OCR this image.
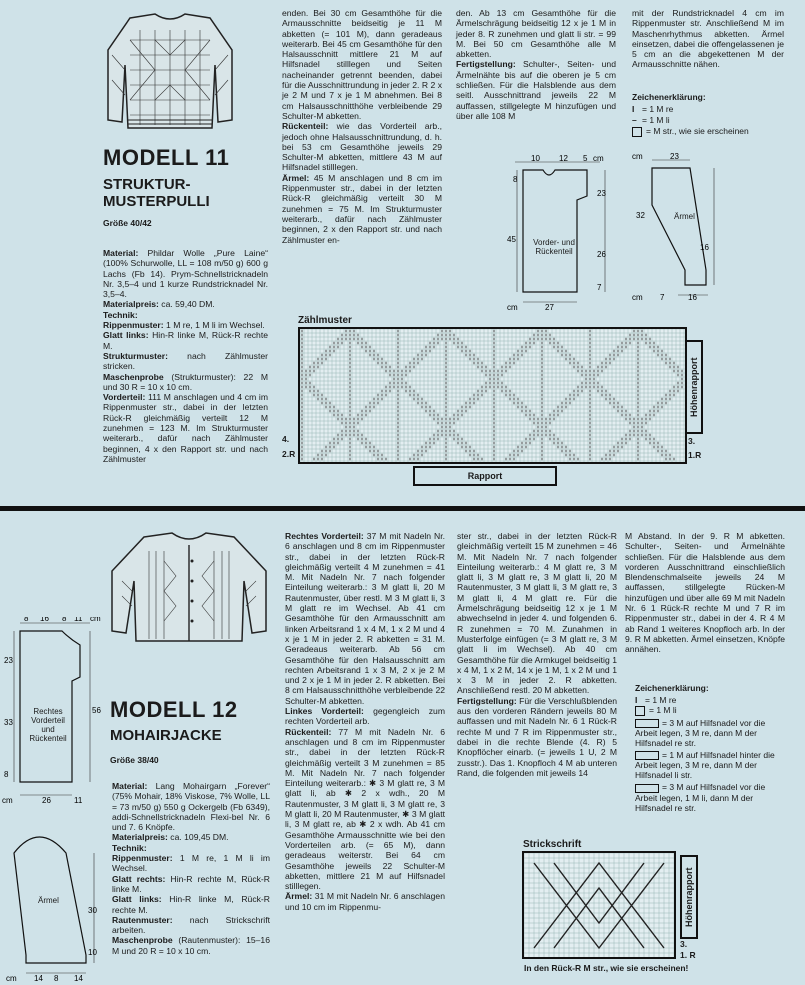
MODELL 11
STRUKTUR-
MUSTERPULLI
Größe 40/42

Material: Phildar Wolle „Pure Laine“ (100% Schurwolle, LL = 108 m/50 g) 600 g Lachs (Fb 14). Prym-Schnellstricknadeln Nr. 3,5–4 und 1 kurze Rundstricknadel Nr. 3,5–4.

Materialpreis: ca. 59,40 DM.

Technik:

Rippenmuster: 1 M re, 1 M li im Wechsel.

Glatt links: Hin-R linke M, Rück-R rechte M.

Strukturmuster: nach Zählmuster stricken.

Maschenprobe (Strukturmuster): 22 M und 30 R = 10 x 10 cm.

Vorderteil: 111 M anschlagen und 4 cm im Rippenmuster str., dabei in der letzten Rück-R gleichmäßig verteilt 12 M zunehmen = 123 M. Im Strukturmuster weiterarb., dafür nach Zählmuster beginnen, 4 x den Rapport str. und nach Zählmuster

enden. Bei 30 cm Gesamthöhe für die Armausschnitte beidseitig je 11 M abketten (= 101 M), dann geradeaus weiterarb. Bei 45 cm Gesamthöhe für den Halsausschnitt mittlere 21 M auf Hilfsnadel stilllegen und Seiten nacheinander getrennt beenden, dabei für die Ausschnittrundung in jeder 2. R 2 x je 2 M und 7 x je 1 M abnehmen. Bei 8 cm Halsausschnitthöhe verbleibende 29 Schulter-M abketten.

Rückenteil: wie das Vorderteil arb., jedoch ohne Halsausschnittrundung, d. h. bei 53 cm Gesamthöhe jeweils 29 Schulter-M abketten, mittlere 43 M auf Hilfsnadel stilllegen.

Ärmel: 45 M anschlagen und 8 cm im Rippenmuster str., dabei in der letzten Rück-R gleichmäßig verteilt 30 M zunehmen = 75 M. Im Strukturmuster weiterarb., dafür nach Zählmuster beginnen, 2 x den Rapport str. und nach Zählmuster en-

den. Ab 13 cm Gesamthöhe für die Ärmelschrägung beidseitig 12 x je 1 M in jeder 8. R zunehmen und glatt li str. = 99 M. Bei 50 cm Gesamthöhe alle M abketten.

Fertigstellung: Schulter-, Seiten- und Ärmelnähte bis auf die oberen je 5 cm schließen. Für die Halsblende aus dem seitl. Ausschnittrand jeweils 22 M auffassen, stillgelegte M hinzufügen und über alle 108 M

mit der Rundstricknadel 4 cm im Rippenmuster str. Anschließend M im Maschenrhythmus abketten. Ärmel einsetzen, dabei die offengelassenen je 5 cm an die abgekettenen M der Armausschnitte nähen.
Zeichenerklärung:
I = 1 M re
– = 1 M li
= M str., wie sie erscheinen
10 12 5 cm
8
23
45
26
7
cm	27
Vorder- und Rückenteil
cm	23
32
16
cm 7	16
Ärmel
Zählmuster
Höhenrapport
Rapport
4.
2.R
3.
1.R
MODELL 12
MOHAIRJACKE
Größe 38/40

Material: Lang Mohairgarn „Forever“ (75% Mohair, 18% Viskose, 7% Wolle, LL = 73 m/50 g) 550 g Ockergelb (Fb 6349), addi-Schnellstricknadeln Flexi-bel Nr. 6 und 7. 6 Knöpfe.

Materialpreis: ca. 109,45 DM.

Technik:

Rippenmuster: 1 M re, 1 M li im Wechsel.

Glatt rechts: Hin-R rechte M, Rück-R linke M.

Glatt links: Hin-R linke M, Rück-R rechte M.

Rautenmuster: nach Strickschrift arbeiten.

Maschenprobe (Rautenmuster): 15–16 M und 20 R = 10 x 10 cm.

Rechtes Vorderteil: 37 M mit Nadeln Nr. 6 anschlagen und 8 cm im Rippenmuster str., dabei in der letzten Rück-R gleichmäßig verteilt 4 M zunehmen = 41 M. Mit Nadeln Nr. 7 nach folgender Einteilung weiterarb.: 3 M glatt li, 20 M Rautenmuster, über restl. M 3 M glatt li, 3 M glatt re im Wechsel. Ab 41 cm Gesamthöhe für den Armausschnitt am linken Arbeitsrand 1 x 4 M, 1 x 2 M und 4 x je 1 M in jeder 2. R abketten = 31 M. Geradeaus weiterarb. Ab 56 cm Gesamthöhe für den Halsausschnitt am rechten Arbeitsrand 1 x 3 M, 2 x je 2 M und 2 x je 1 M in jeder 2. R abketten. Bei 8 cm Halsausschnitthöhe verbleibende 22 Schulter-M abketten.

Linkes Vorderteil: gegengleich zum rechten Vorderteil arb.

Rückenteil: 77 M mit Nadeln Nr. 6 anschlagen und 8 cm im Rippenmuster str., dabei in der letzten Rück-R gleichmäßig verteilt 3 M zunehmen = 85 M. Mit Nadeln Nr. 7 nach folgender Einteilung weiterarb.: ✱ 3 M glatt re, 3 M glatt li, ab ✱ 2 x wdh., 20 M Rautenmuster, 3 M glatt li, 3 M glatt re, 3 M glatt li, 20 M Rautenmuster, ✱ 3 M glatt li, 3 M glatt re, ab ✱ 2 x wdh. Ab 41 cm Gesamthöhe Armausschnitte wie bei den Vorderteilen arb. (= 65 M), dann geradeaus weiterstr. Bei 64 cm Gesamthöhe jeweils 22 Schulter-M abketten, mittlere 21 M auf Hilfsnadel stilllegen.

Ärmel: 31 M mit Nadeln Nr. 6 anschlagen und 10 cm im Rippenmu-

ster str., dabei in der letzten Rück-R gleichmäßig verteilt 15 M zunehmen = 46 M. Mit Nadeln Nr. 7 nach folgender Einteilung weiterarb.: 4 M glatt re, 3 M glatt li, 3 M glatt re, 3 M glatt li, 20 M Rautenmuster, 3 M glatt li, 3 M glatt re, 3 M glatt li, 4 M glatt re. Für die Ärmelschrägung beidseitig 12 x je 1 M abwechselnd in jeder 4. und folgenden 6. R zunehmen = 70 M. Zunahmen in Musterfolge einfügen (= 3 M glatt re, 3 M glatt li im Wechsel). Ab 40 cm Gesamthöhe für die Armkugel beidseitig 1 x 4 M, 1 x 2 M, 14 x je 1 M, 1 x 2 M und 1 x 3 M in jeder 2. R abketten. Anschließend restl. 20 M abketten.

Fertigstellung: Für die Verschlußblenden aus den vorderen Rändern jeweils 80 M auffassen und mit Nadeln Nr. 6 1 Rück-R rechte M und 7 R im Rippenmuster str., dabei in die rechte Blende (4. R) 5 Knopflöcher einarb. (= jeweils 1 U, 2 M zusstr.). Das 1. Knopfloch 4 M ab unteren Rand, die folgenden mit jeweils 14

M Abstand. In der 9. R M abketten. Schulter-, Seiten- und Ärmelnähte schließen. Für die Halsblende aus dem vorderen Ausschnittrand einschließlich Blendenschmalseite jeweils 24 M auffassen, stillgelegte Rücken-M hinzufügen und über alle 69 M mit Nadeln Nr. 6 1 Rück-R rechte M und 7 R im Rippenmuster str., dabei in der 4. R 4 M ab Rand 1 weiteres Knopfloch arb. In der 9. R M abketten. Ärmel einsetzen, Knöpfe annähen.
Zeichenerklärung:
I = 1 M re
= 1 M li
= 3 M auf Hilfsnadel vor die Arbeit legen, 3 M re, dann M der Hilfsnadel re str.
= 1 M auf Hilfsnadel hinter die Arbeit legen, 3 M re, dann M der Hilfsnadel li str.
= 3 M auf Hilfsnadel vor die Arbeit legen, 1 M li, dann M der Hilfsnadel re str.
Strickschrift
Höhenrapport
3.
1. R
In den Rück-R M str., wie sie erscheinen!
8 16 8 11 cm
23
33
56
8
cm	26	11
Rechtes Vorderteil und Rückenteil
30
10
cm 14 8 14
Ärmel
